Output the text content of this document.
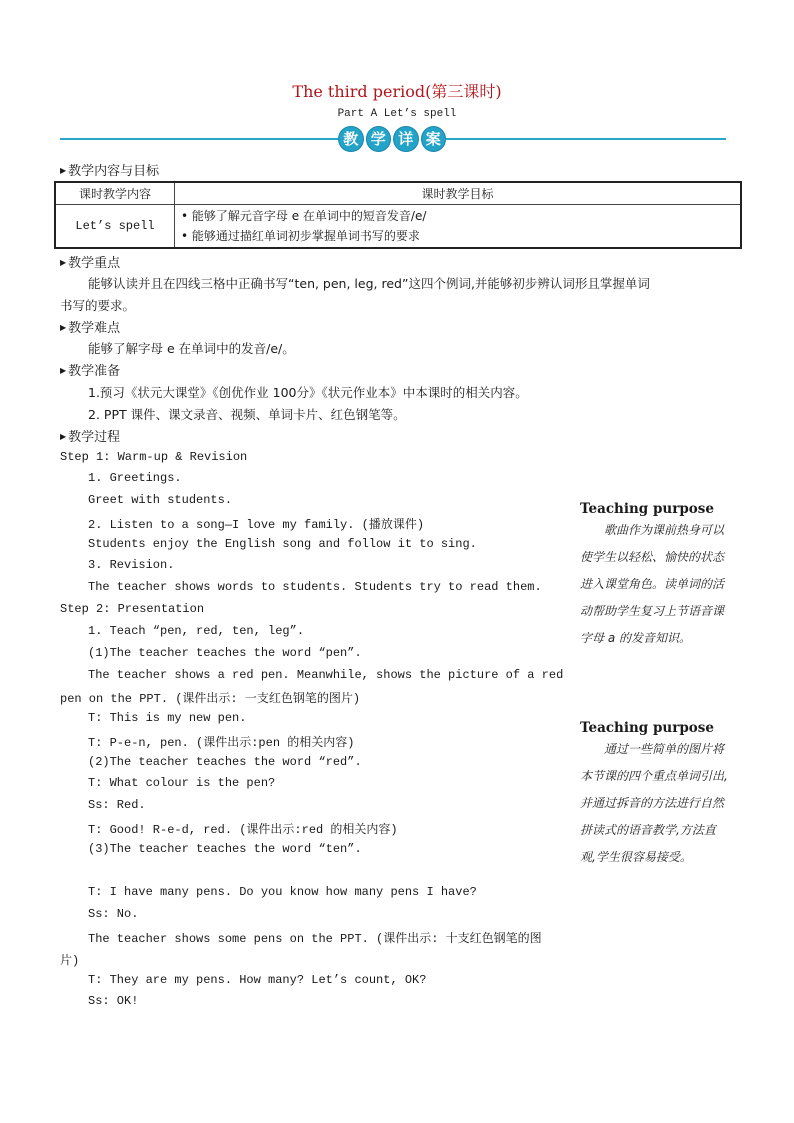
The third period(第三课时)
Part A Let’s spell
教 学 详 案
▶ 教学内容与目标
课时教学内容	课时教学目标
Let’s spell	• 能够了解元音字母 e 在单词中的短音发音/e/
• 能够通过描红单词初步掌握单词书写的要求
▶ 教学重点
能够认读并且在四线三格中正确书写“ten, pen, leg, red”这四个例词,并能够初步辨认词形且掌握单词
书写的要求。
▶ 教学难点
能够了解字母 e 在单词中的发音/e/。
▶ 教学准备
1.预习《状元大课堂》《创优作业 100分》《状元作业本》中本课时的相关内容。
2. PPT 课件、课文录音、视频、单词卡片、红色钢笔等。
▶ 教学过程
Step 1: Warm-up & Revision
1. Greetings.
Greet with students.
2. Listen to a song—I love my family. (播放课件)
Students enjoy the English song and follow it to sing.
3. Revision.
The teacher shows words to students. Students try to read them.
Step 2: Presentation
1. Teach “pen, red, ten, leg”.
(1)The teacher teaches the word “pen”.
The teacher shows a red pen. Meanwhile, shows the picture of a red
pen on the PPT. (课件出示: 一支红色钢笔的图片)
T: This is my new pen.
T: P-e-n, pen. (课件出示:pen 的相关内容)
(2)The teacher teaches the word “red”.
T: What colour is the pen?
Ss: Red.
T: Good! R-e-d, red. (课件出示:red 的相关内容)
(3)The teacher teaches the word “ten”.
T: I have many pens. Do you know how many pens I have?
Ss: No.
The teacher shows some pens on the PPT. (课件出示: 十支红色钢笔的图
片)
T: They are my pens. How many? Let’s count, OK?
Ss: OK!
Teaching purpose
　　歌曲作为课前热身可以
使学生以轻松、愉快的状态
进入课堂角色。读单词的活
动帮助学生复习上节语音课
字母 a 的发音知识。
Teaching purpose
　　通过一些简单的图片将
本节课的四个重点单词引出,
并通过拆音的方法进行自然
拼读式的语音教学,方法直
观,学生很容易接受。
